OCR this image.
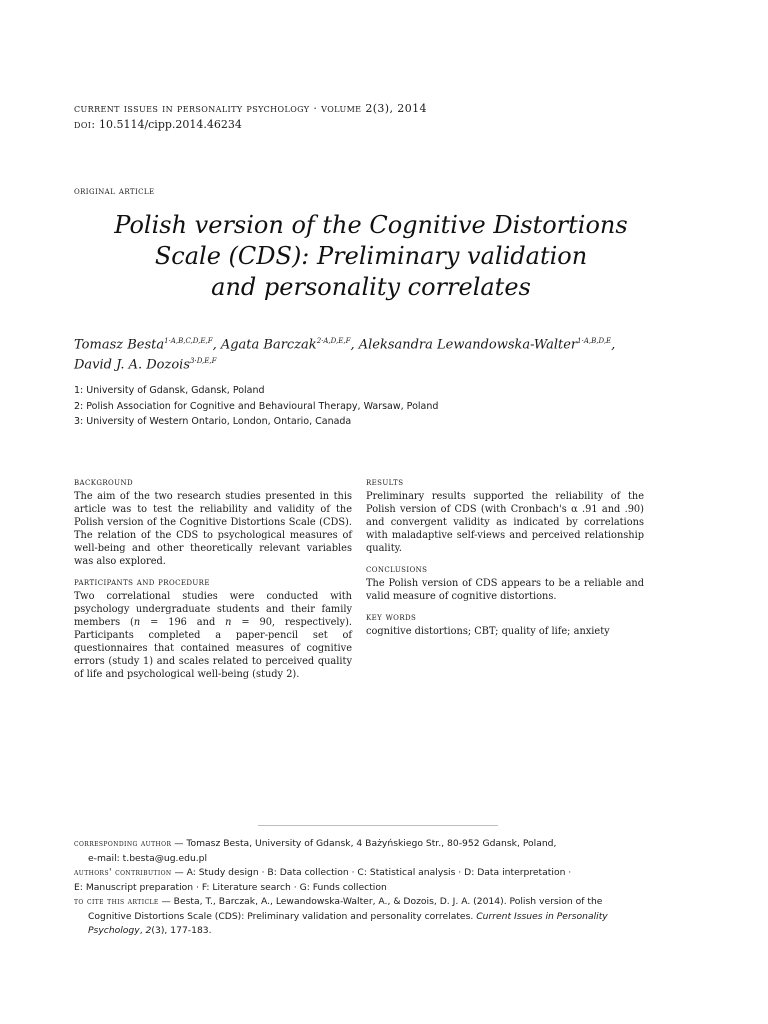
current issues in personality psychology · volume 2(3), 2014
doi: 10.5114/cipp.2014.46234
original article
Polish version of the Cognitive Distortions
Scale (CDS): Preliminary validation
and personality correlates
Tomasz Besta$^{1\cdot A,B,C,D,E,F}$, Agata Barczak$^{2\cdot A,D,E,F}$, Aleksandra Lewandowska-Walter$^{1\cdot A,B,D,E}$,
David J. A. Dozois$^{3\cdot D,E,F}$
1: University of Gdansk, Gdansk, Poland
2: Polish Association for Cognitive and Behavioural Therapy, Warsaw, Poland
3: University of Western Ontario, London, Ontario, Canada
background
The aim of the two research studies presented in this article was to test the reliability and validity of the Polish version of the Cognitive Distortions Scale (CDS). The relation of the CDS to psychological measures of well-being and other theoretically relevant variables was also explored.
participants and procedure
Two correlational studies were conducted with psychology undergraduate students and their family members (n = 196 and n = 90, respectively). Participants completed a paper-pencil set of questionnaires that contained measures of cognitive errors (study 1) and scales related to perceived quality of life and psychological well-being (study 2).
results
Preliminary results supported the reliability of the Polish version of CDS (with Cronbach's α .91 and .90) and convergent validity as indicated by correlations with maladaptive self-views and perceived relationship quality.
conclusions
The Polish version of CDS appears to be a reliable and valid measure of cognitive distortions.
key words
cognitive distortions; CBT; quality of life; anxiety
corresponding author — Tomasz Besta, University of Gdansk, 4 Bażyńskiego Str., 80-952 Gdansk, Poland,
e-mail: t.besta@ug.edu.pl
authors' contribution — A: Study design · B: Data collection · C: Statistical analysis · D: Data interpretation ·
E: Manuscript preparation · F: Literature search · G: Funds collection
to cite this article — Besta, T., Barczak, A., Lewandowska-Walter, A., & Dozois, D. J. A. (2014). Polish version of the Cognitive Distortions Scale (CDS): Preliminary validation and personality correlates. Current Issues in Personality Psychology, 2(3), 177-183.
